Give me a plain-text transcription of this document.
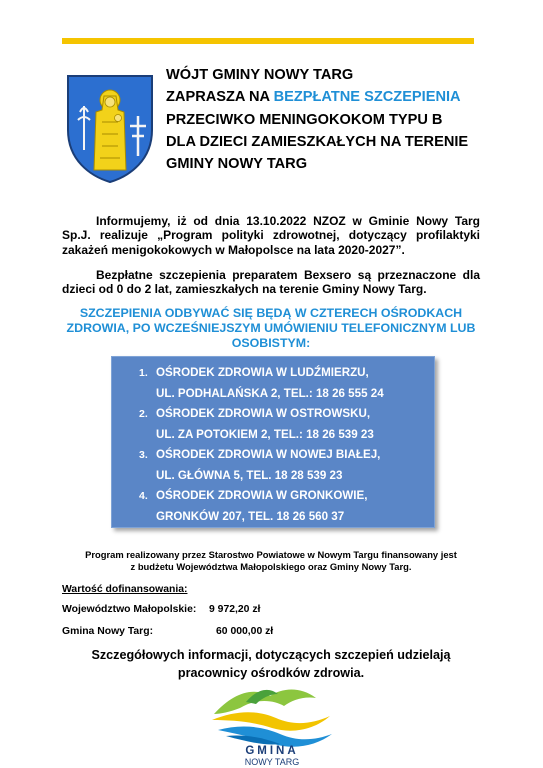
WÓJT GMINY NOWY TARG
ZAPRASZA NA BEZPŁATNE SZCZEPIENIA
PRZECIWKO MENINGOKOKOM TYPU B
DLA DZIECI ZAMIESZKAŁYCH NA TERENIE
GMINY NOWY TARG
Informujemy, iż od dnia 13.10.2022 NZOZ w Gminie Nowy Targ Sp.J. realizuje „Program polityki zdrowotnej, dotyczący profilaktyki zakażeń menigokokowych w Małopolsce na lata 2020-2027”.
Bezpłatne szczepienia preparatem Bexsero są przeznaczone dla dzieci od 0 do 2 lat, zamieszkałych na terenie Gminy Nowy Targ.
SZCZEPIENIA ODBYWAĆ SIĘ BĘDĄ W CZTERECH OŚRODKACH ZDROWIA, PO WCZEŚNIEJSZYM UMÓWIENIU TELEFONICZNYM LUB OSOBISTYM:
1. OŚRODEK ZDROWIA W LUDŹMIERZU,
UL. PODHALAŃSKA 2, TEL.: 18 26 555 24
2. OŚRODEK ZDROWIA W OSTROWSKU,
UL. ZA POTOKIEM 2, TEL.: 18 26 539 23
3. OŚRODEK ZDROWIA W NOWEJ BIAŁEJ,
UL. GŁÓWNA 5, TEL. 18 28 539 23
4. OŚRODEK ZDROWIA W GRONKOWIE,
GRONKÓW 207, TEL. 18 26 560 37
Program realizowany przez Starostwo Powiatowe w Nowym Targu finansowany jest
z budżetu Województwa Małopolskiego oraz Gminy Nowy Targ.
Wartość dofinansowania:
Województwo Małopolskie: 9 972,20 zł
Gmina Nowy Targ:	60 000,00 zł
Szczegółowych informacji, dotyczących szczepień udzielają
pracownicy ośrodków zdrowia.
GMINA
NOWY TARG
